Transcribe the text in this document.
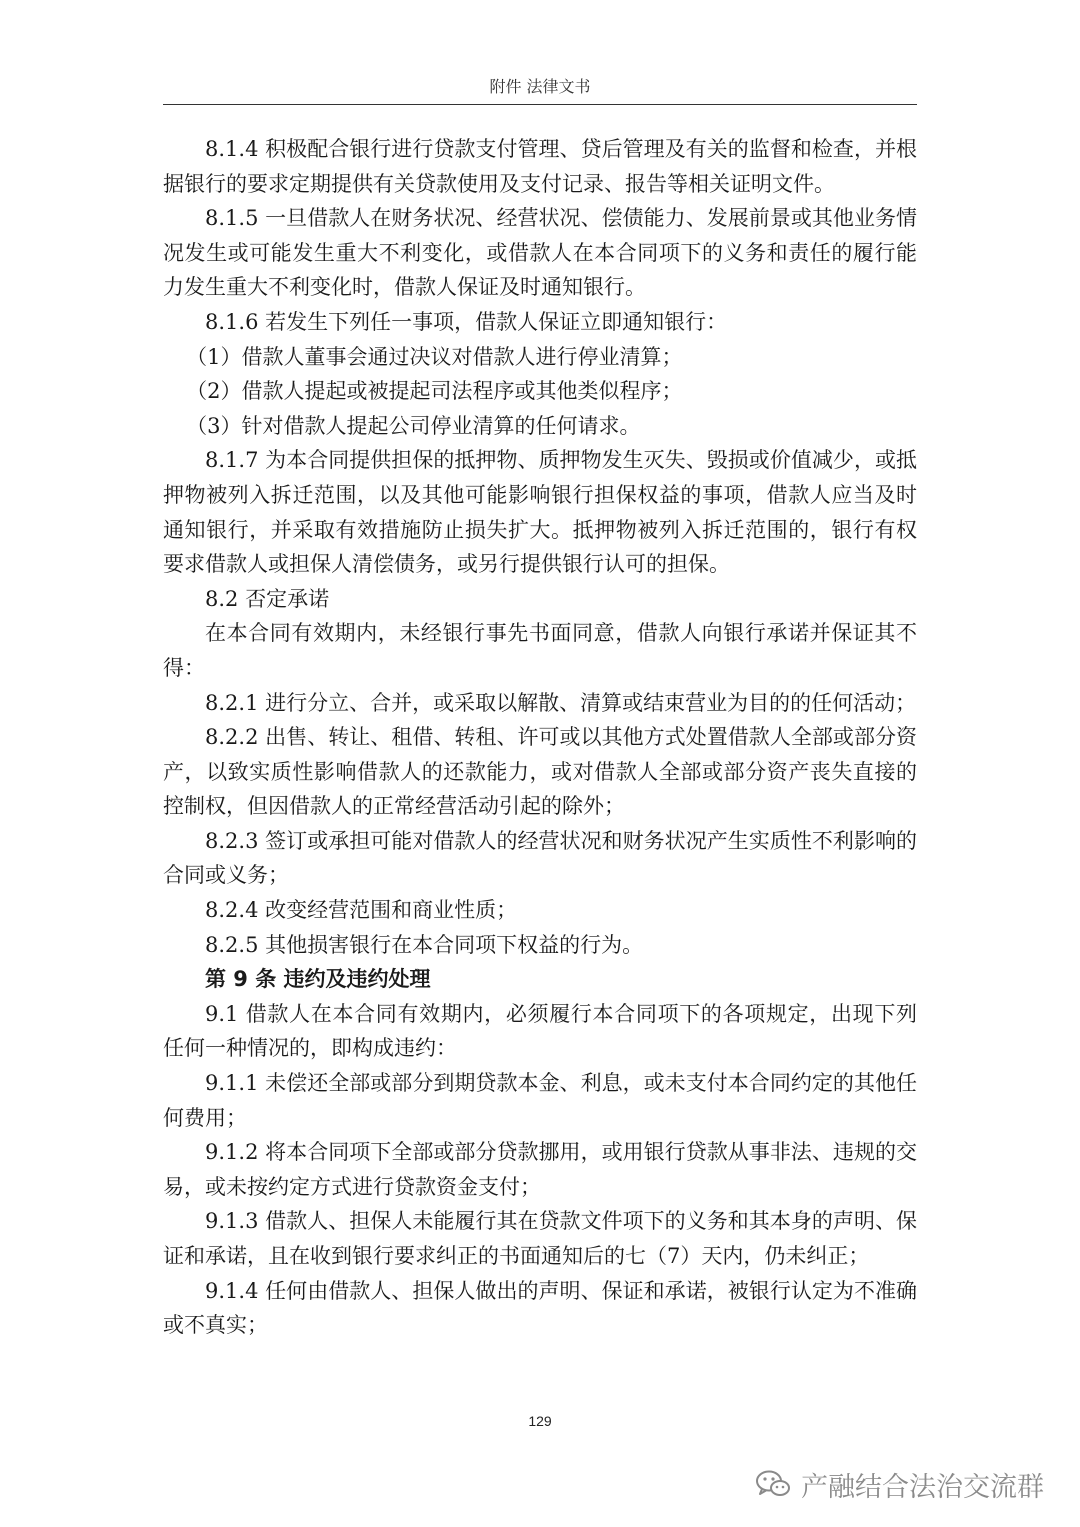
附件 法律文书

8.1.4 积极配合银行进行贷款支付管理、贷后管理及有关的监督和检查，并根据银行的要求定期提供有关贷款使用及支付记录、报告等相关证明文件。

8.1.5 一旦借款人在财务状况、经营状况、偿债能力、发展前景或其他业务情况发生或可能发生重大不利变化，或借款人在本合同项下的义务和责任的履行能力发生重大不利变化时，借款人保证及时通知银行。

8.1.6 若发生下列任一事项，借款人保证立即通知银行：

（1）借款人董事会通过决议对借款人进行停业清算；

（2）借款人提起或被提起司法程序或其他类似程序；

（3）针对借款人提起公司停业清算的任何请求。

8.1.7 为本合同提供担保的抵押物、质押物发生灭失、毁损或价值减少，或抵押物被列入拆迁范围，以及其他可能影响银行担保权益的事项，借款人应当及时通知银行，并采取有效措施防止损失扩大。抵押物被列入拆迁范围的，银行有权要求借款人或担保人清偿债务，或另行提供银行认可的担保。

8.2 否定承诺

在本合同有效期内，未经银行事先书面同意，借款人向银行承诺并保证其不得：

8.2.1 进行分立、合并，或采取以解散、清算或结束营业为目的的任何活动；

8.2.2 出售、转让、租借、转租、许可或以其他方式处置借款人全部或部分资产，以致实质性影响借款人的还款能力，或对借款人全部或部分资产丧失直接的控制权，但因借款人的正常经营活动引起的除外；

8.2.3 签订或承担可能对借款人的经营状况和财务状况产生实质性不利影响的合同或义务；

8.2.4 改变经营范围和商业性质；

8.2.5 其他损害银行在本合同项下权益的行为。

第 9 条 违约及违约处理

9.1 借款人在本合同有效期内，必须履行本合同项下的各项规定，出现下列任何一种情况的，即构成违约：

9.1.1 未偿还全部或部分到期贷款本金、利息，或未支付本合同约定的其他任何费用；

9.1.2 将本合同项下全部或部分贷款挪用，或用银行贷款从事非法、违规的交易，或未按约定方式进行贷款资金支付；

9.1.3 借款人、担保人未能履行其在贷款文件项下的义务和其本身的声明、保证和承诺，且在收到银行要求纠正的书面通知后的七（7）天内，仍未纠正；

9.1.4 任何由借款人、担保人做出的声明、保证和承诺，被银行认定为不准确或不真实；

129
产融结合法治交流群
